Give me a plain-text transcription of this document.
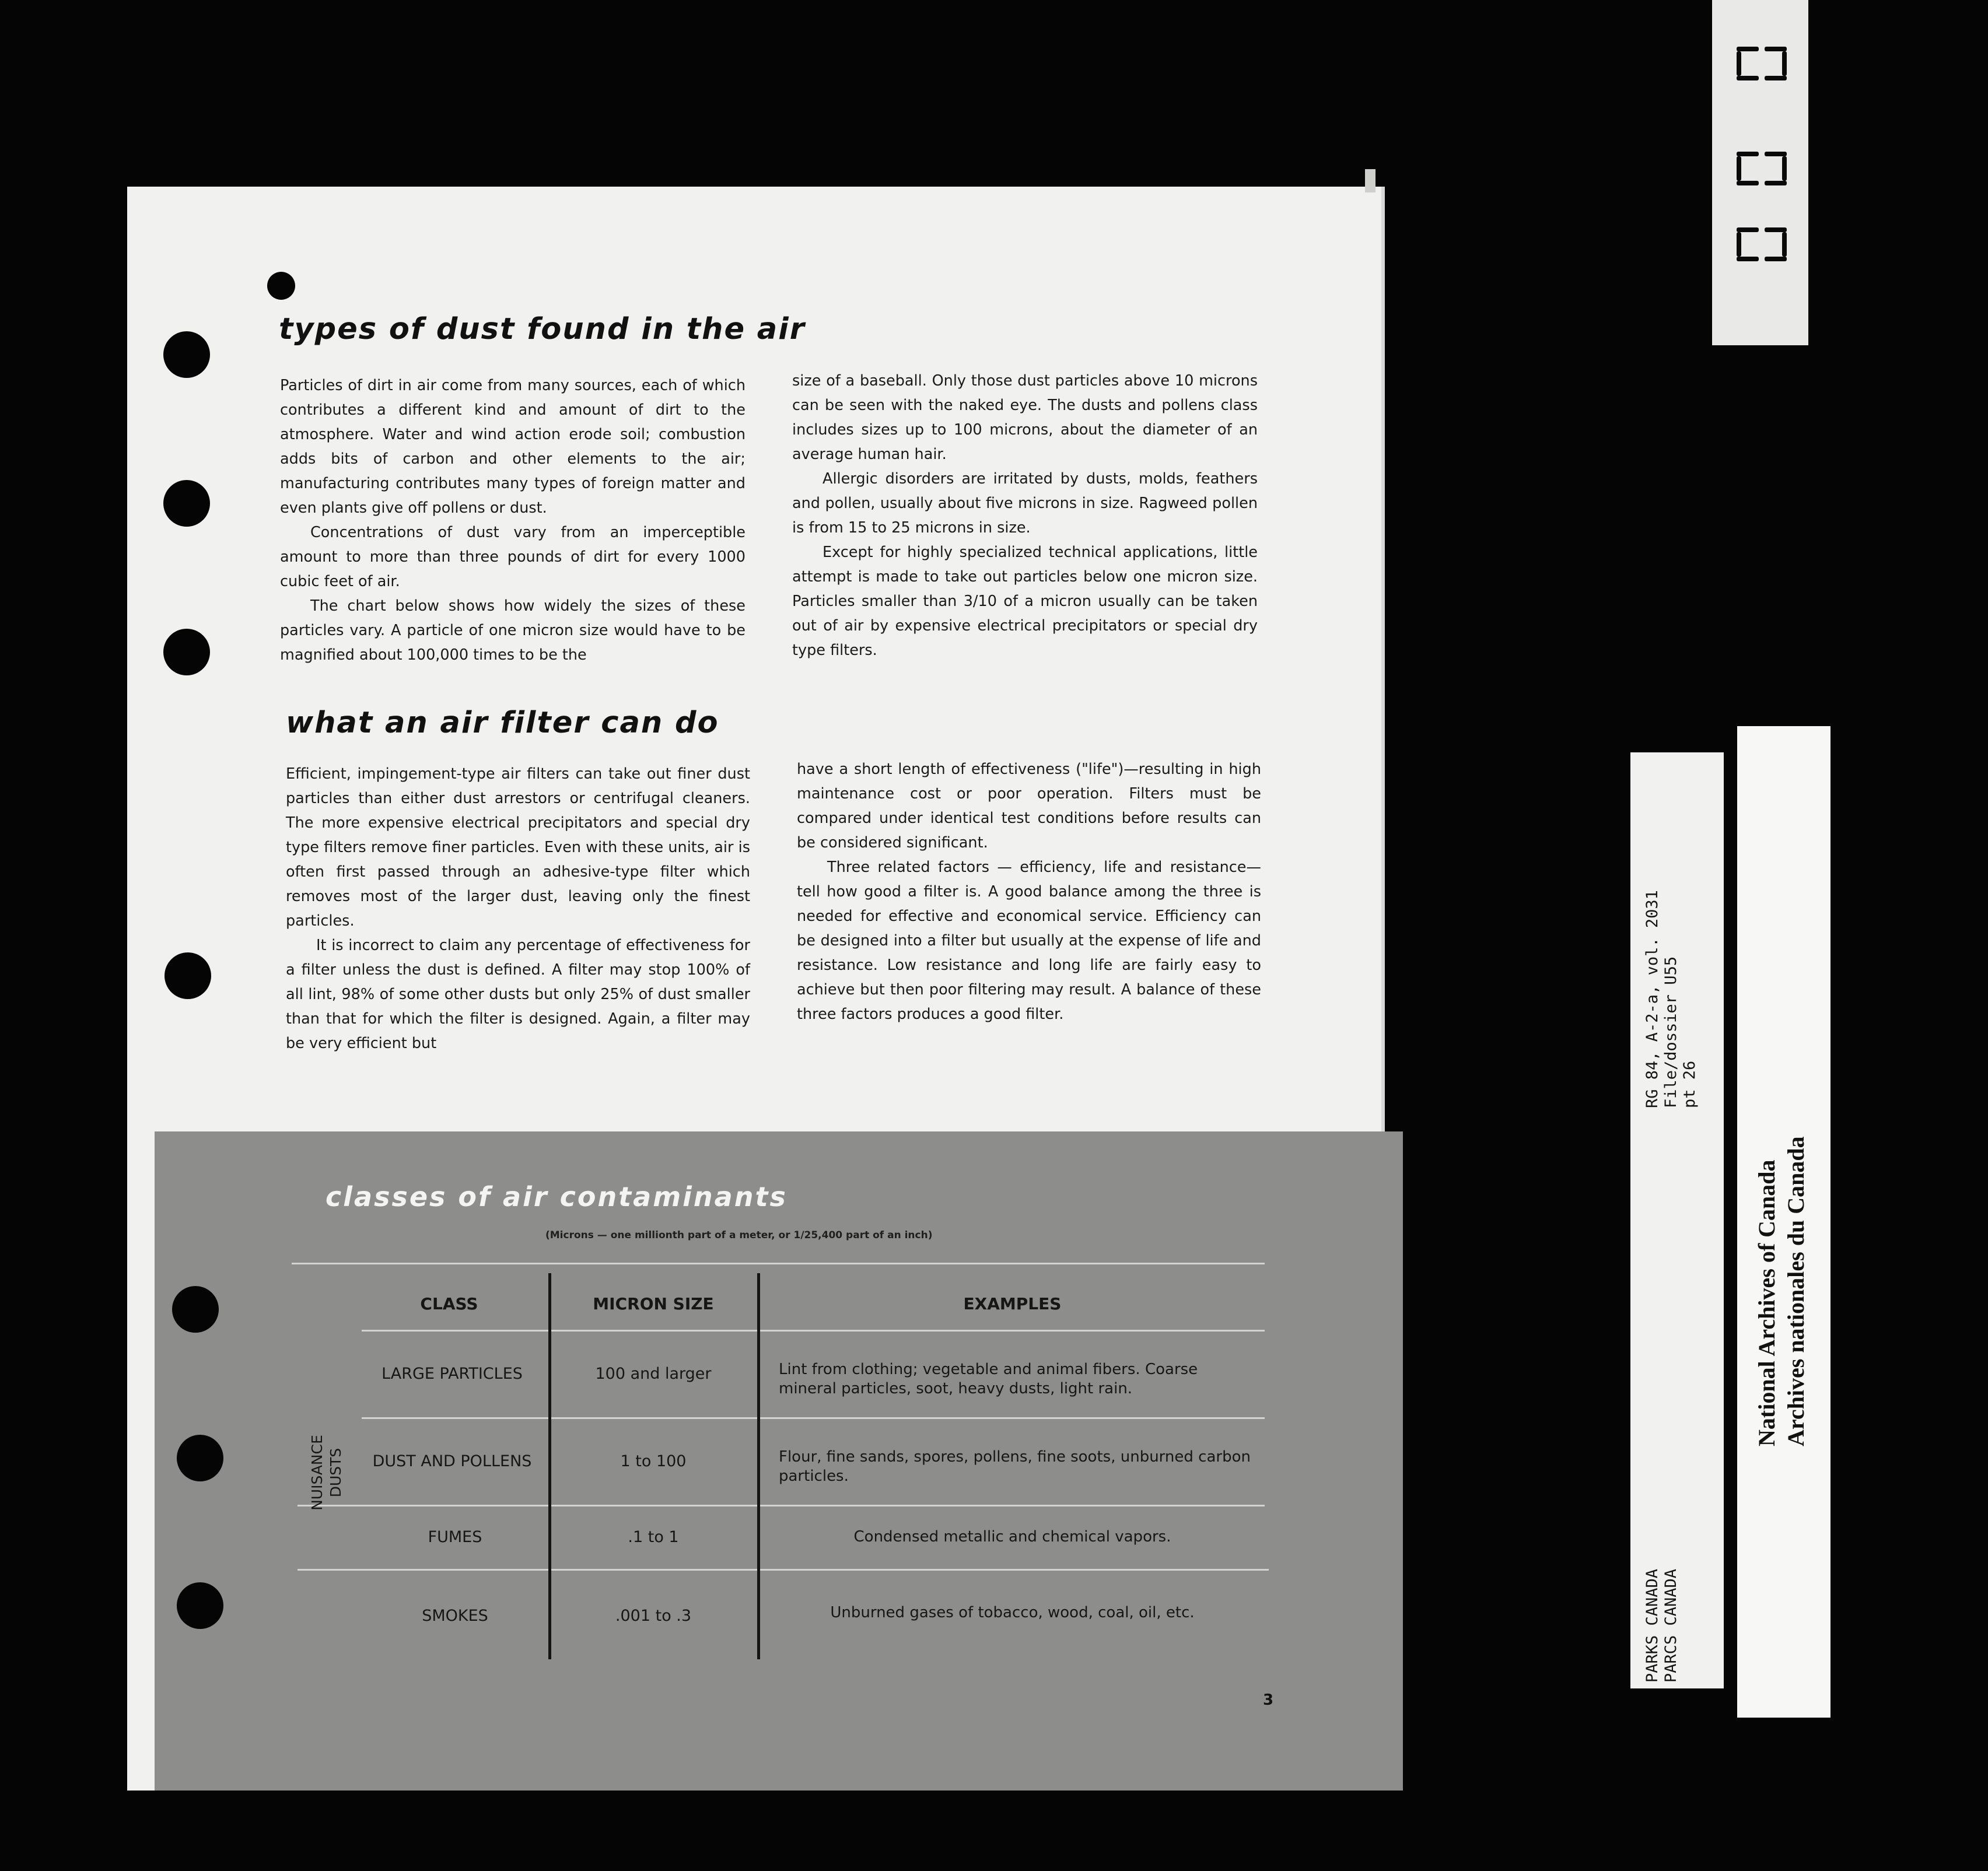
types of dust found in the air

Particles of dirt in air come from many sources, each of which contributes a different kind and amount of dirt to the atmosphere. Water and wind action erode soil; combustion adds bits of carbon and other elements to the air; manufacturing contributes many types of foreign matter and even plants give off pollens or dust.

Concentrations of dust vary from an imperceptible amount to more than three pounds of dirt for every 1000 cubic feet of air.

The chart below shows how widely the sizes of these particles vary. A particle of one micron size would have to be magnified about 100,000 times to be the

size of a baseball. Only those dust particles above 10 microns can be seen with the naked eye. The dusts and pollens class includes sizes up to 100 microns, about the diameter of an average human hair.

Allergic disorders are irritated by dusts, molds, feathers and pollen, usually about five microns in size. Ragweed pollen is from 15 to 25 microns in size.

Except for highly specialized technical applications, little attempt is made to take out particles below one micron size. Particles smaller than 3/10 of a micron usually can be taken out of air by expensive electrical precipitators or special dry type filters.

what an air filter can do

Efficient, impingement-type air filters can take out finer dust particles than either dust arrestors or centrifugal cleaners. The more expensive electrical precipitators and special dry type filters remove finer particles. Even with these units, air is often first passed through an adhesive-type filter which removes most of the larger dust, leaving only the finest particles.

It is incorrect to claim any percentage of effectiveness for a filter unless the dust is defined. A filter may stop 100% of all lint, 98% of some other dusts but only 25% of dust smaller than that for which the filter is designed. Again, a filter may be very efficient but

have a short length of effectiveness ("life")—resulting in high maintenance cost or poor operation. Filters must be compared under identical test conditions before results can be considered significant.

Three related factors — efficiency, life and resistance—tell how good a filter is. A good balance among the three is needed for effective and economical service. Efficiency can be designed into a filter but usually at the expense of life and resistance. Low resistance and long life are fairly easy to achieve but then poor filtering may result. A balance of these three factors produces a good filter.

classes of air contaminants
(Microns — one millionth part of a meter, or 1/25,400 part of an inch)
CLASS	MICRON SIZE	EXAMPLES
NUISANCE DUSTS
LARGE PARTICLES	100 and larger	Lint from clothing; vegetable and animal fibers. Coarse mineral particles, soot, heavy dusts, light rain.
DUST AND POLLENS	1 to 100	Flour, fine sands, spores, pollens, fine soots, unburned carbon particles.
FUMES	.1 to 1	Condensed metallic and chemical vapors.
SMOKES	.001 to .3	Unburned gases of tobacco, wood, coal, oil, etc.
3
RG 84, A-2-a, vol. 2031 File/dossier U55 pt 26
PARKS CANADA PARCS CANADA
National Archives of Canada Archives nationales du Canada
